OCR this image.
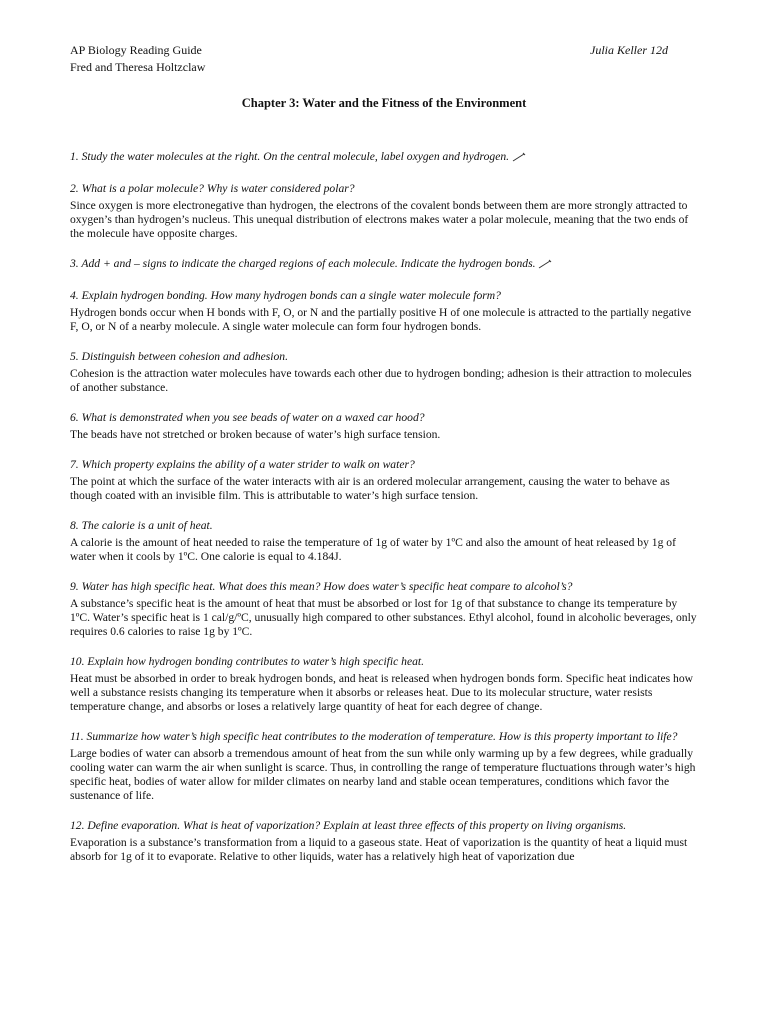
AP Biology Reading Guide
Fred and Theresa Holtzclaw
Julia Keller 12d
Chapter 3: Water and the Fitness of the Environment

1. Study the water molecules at the right. On the central molecule, label oxygen and hydrogen.

2. What is a polar molecule? Why is water considered polar?

Since oxygen is more electronegative than hydrogen, the electrons of the covalent bonds between them are more strongly attracted to oxygen’s than hydrogen’s nucleus. This unequal distribution of electrons makes water a polar molecule, meaning that the two ends of the molecule have opposite charges.

3. Add + and – signs to indicate the charged regions of each molecule. Indicate the hydrogen bonds.

4. Explain hydrogen bonding. How many hydrogen bonds can a single water molecule form?

Hydrogen bonds occur when H bonds with F, O, or N and the partially positive H of one molecule is attracted to the partially negative F, O, or N of a nearby molecule. A single water molecule can form four hydrogen bonds.

5. Distinguish between cohesion and adhesion.

Cohesion is the attraction water molecules have towards each other due to hydrogen bonding; adhesion is their attraction to molecules of another substance.

6. What is demonstrated when you see beads of water on a waxed car hood?

The beads have not stretched or broken because of water’s high surface tension.

7. Which property explains the ability of a water strider to walk on water?

The point at which the surface of the water interacts with air is an ordered molecular arrangement, causing the water to behave as though coated with an invisible film. This is attributable to water’s high surface tension.

8. The calorie is a unit of heat.

A calorie is the amount of heat needed to raise the temperature of 1g of water by 1ºC and also the amount of heat released by 1g of water when it cools by 1ºC. One calorie is equal to 4.184J.

9. Water has high specific heat. What does this mean? How does water’s specific heat compare to alcohol’s?

A substance’s specific heat is the amount of heat that must be absorbed or lost for 1g of that substance to change its temperature by 1ºC. Water’s specific heat is 1 cal/g/ºC, unusually high compared to other substances. Ethyl alcohol, found in alcoholic beverages, only requires 0.6 calories to raise 1g by 1ºC.

10. Explain how hydrogen bonding contributes to water’s high specific heat.

Heat must be absorbed in order to break hydrogen bonds, and heat is released when hydrogen bonds form. Specific heat indicates how well a substance resists changing its temperature when it absorbs or releases heat. Due to its molecular structure, water resists temperature change, and absorbs or loses a relatively large quantity of heat for each degree of change.

11. Summarize how water’s high specific heat contributes to the moderation of temperature. How is this property important to life?

Large bodies of water can absorb a tremendous amount of heat from the sun while only warming up by a few degrees, while gradually cooling water can warm the air when sunlight is scarce. Thus, in controlling the range of temperature fluctuations through water’s high specific heat, bodies of water allow for milder climates on nearby land and stable ocean temperatures, conditions which favor the sustenance of life.

12. Define evaporation. What is heat of vaporization? Explain at least three effects of this property on living organisms.

Evaporation is a substance’s transformation from a liquid to a gaseous state. Heat of vaporization is the quantity of heat a liquid must absorb for 1g of it to evaporate. Relative to other liquids, water has a relatively high heat of vaporization due
